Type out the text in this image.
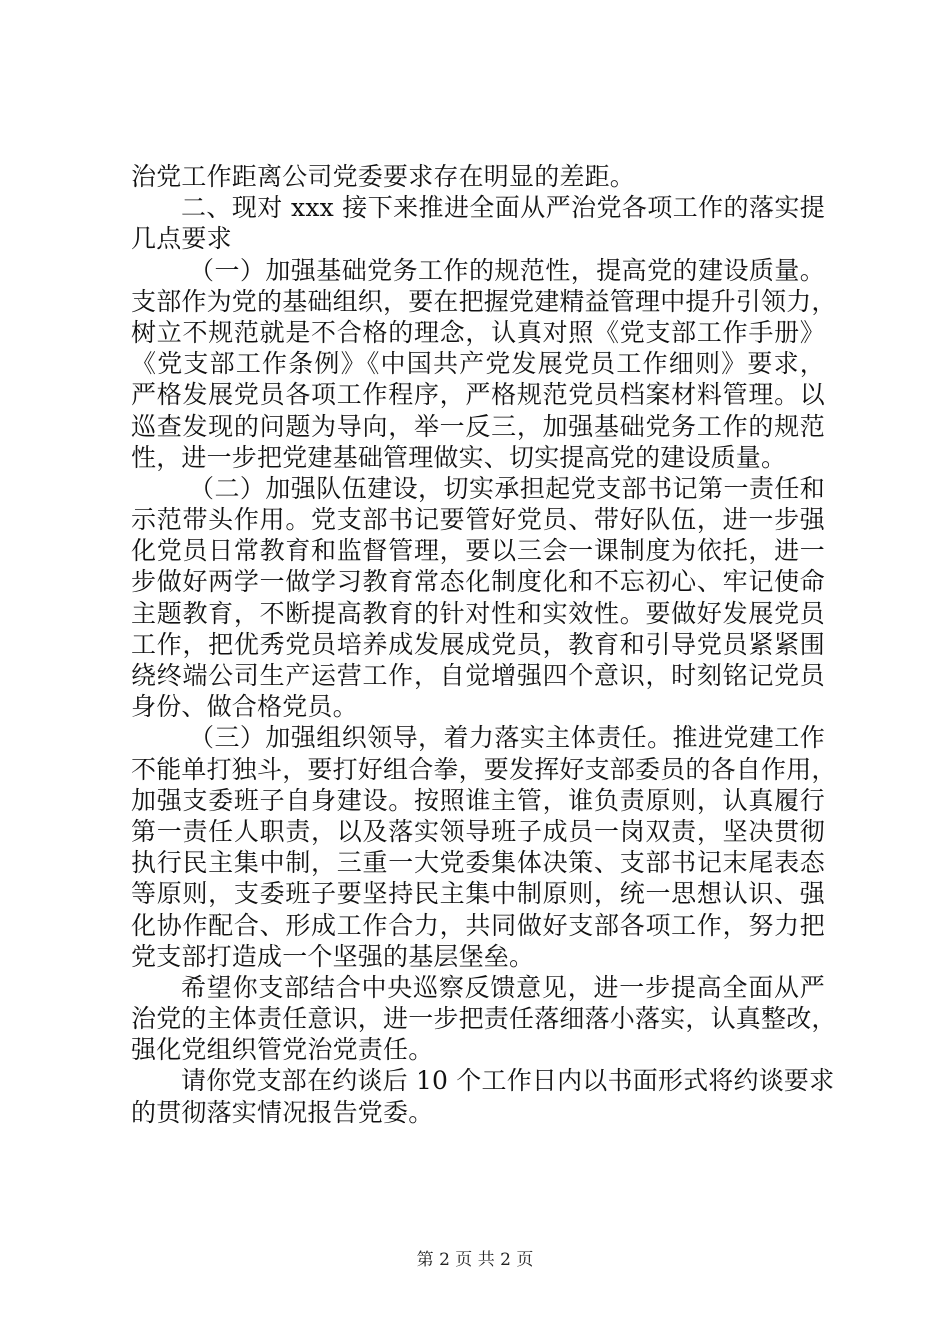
治党工作距离公司党委要求存在明显的差距。
二、现对 xxx 接下来推进全面从严治党各项工作的落实提
几点要求
（一）加强基础党务工作的规范性，提高党的建设质量。
支部作为党的基础组织，要在把握党建精益管理中提升引领力，
树立不规范就是不合格的理念，认真对照《党支部工作手册》
《党支部工作条例》《中国共产党发展党员工作细则》要求，
严格发展党员各项工作程序，严格规范党员档案材料管理。以
巡查发现的问题为导向，举一反三，加强基础党务工作的规范
性，进一步把党建基础管理做实、切实提高党的建设质量。
（二）加强队伍建设，切实承担起党支部书记第一责任和
示范带头作用。党支部书记要管好党员、带好队伍，进一步强
化党员日常教育和监督管理，要以三会一课制度为依托，进一
步做好两学一做学习教育常态化制度化和不忘初心、牢记使命
主题教育，不断提高教育的针对性和实效性。要做好发展党员
工作，把优秀党员培养成发展成党员，教育和引导党员紧紧围
绕终端公司生产运营工作，自觉增强四个意识，时刻铭记党员
身份、做合格党员。
（三）加强组织领导，着力落实主体责任。推进党建工作
不能单打独斗，要打好组合拳，要发挥好支部委员的各自作用，
加强支委班子自身建设。按照谁主管，谁负责原则，认真履行
第一责任人职责，以及落实领导班子成员一岗双责，坚决贯彻
执行民主集中制，三重一大党委集体决策、支部书记末尾表态
等原则，支委班子要坚持民主集中制原则，统一思想认识、强
化协作配合、形成工作合力，共同做好支部各项工作，努力把
党支部打造成一个坚强的基层堡垒。
希望你支部结合中央巡察反馈意见，进一步提高全面从严
治党的主体责任意识，进一步把责任落细落小落实，认真整改，
强化党组织管党治党责任。
请你党支部在约谈后 10 个工作日内以书面形式将约谈要求
的贯彻落实情况报告党委。
第 2 页 共 2 页
